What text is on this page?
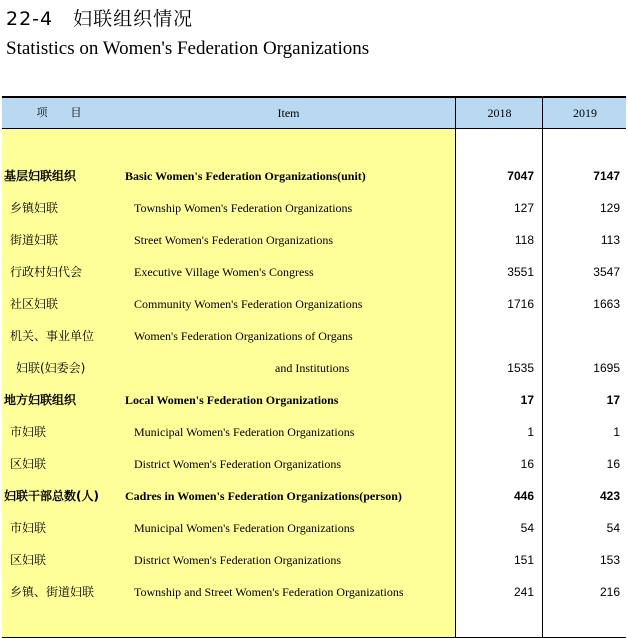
22-4　妇联组织情况
Statistics on Women's Federation Organizations
项　目	Item	2018	2019
基层妇联组织	Basic Women's Federation Organizations(unit)	7047	7147
乡镇妇联	Township Women's Federation Organizations	127	129
街道妇联	Street Women's Federation Organizations	118	113
行政村妇代会	Executive Village Women's Congress	3551	3547
社区妇联	Community Women's Federation Organizations	1716	1663
机关、事业单位	Women's Federation Organizations of Organs
妇联(妇委会)	and Institutions	1535	1695
地方妇联组织	Local Women's Federation Organizations	17	17
市妇联	Municipal Women's Federation Organizations	1	1
区妇联	District Women's Federation Organizations	16	16
妇联干部总数(人) Cadres in Women's Federation Organizations(person)	446	423
市妇联	Municipal Women's Federation Organizations	54	54
区妇联	District Women's Federation Organizations	151	153
乡镇、街道妇联	Township and Street Women's Federation Organizations	241	216
